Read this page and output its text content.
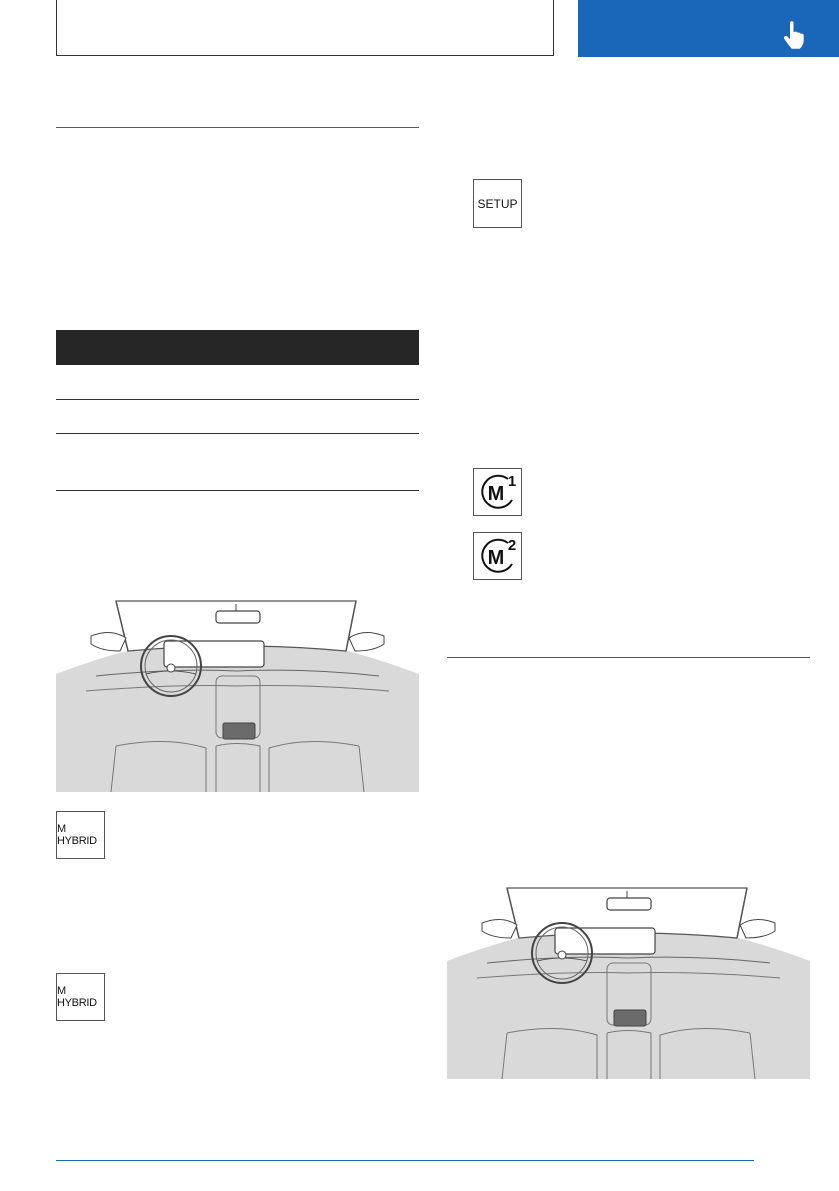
M HYBRID
M HYBRID
SETUP
M
1
M
2
